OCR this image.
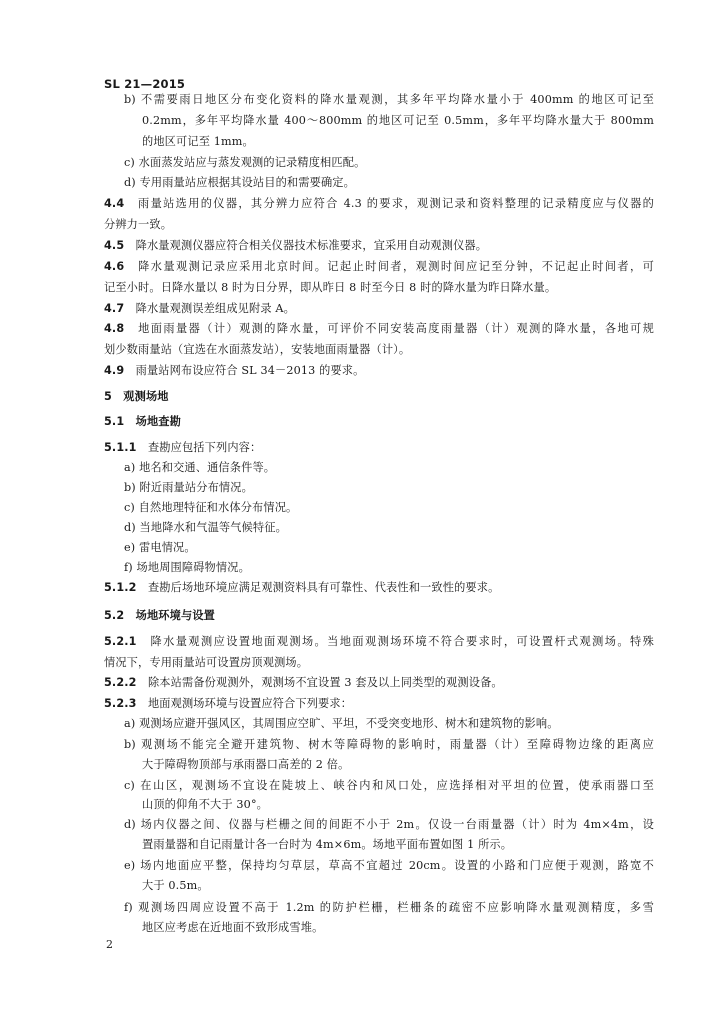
SL 21—2015
b) 不需要雨日地区分布变化资料的降水量观测，其多年平均降水量小于 400mm 的地区可记至
0.2mm，多年平均降水量 400～800mm 的地区可记至 0.5mm，多年平均降水量大于 800mm
的地区可记至 1mm。
c) 水面蒸发站应与蒸发观测的记录精度相匹配。
d) 专用雨量站应根据其设站目的和需要确定。
4.4　 雨量站选用的仪器，其分辨力应符合 4.3 的要求，观测记录和资料整理的记录精度应与仪器的
分辨力一致。
4.5　 降水量观测仪器应符合相关仪器技术标准要求，宜采用自动观测仪器。
4.6　 降水量观测记录应采用北京时间。记起止时间者，观测时间应记至分钟，不记起止时间者，可
记至小时。日降水量以 8 时为日分界，即从昨日 8 时至今日 8 时的降水量为昨日降水量。
4.7　 降水量观测误差组成见附录 A。
4.8　 地面雨量器（计）观测的降水量，可评价不同安装高度雨量器（计）观测的降水量，各地可规
划少数雨量站（宜选在水面蒸发站），安装地面雨量器（计）。
4.9　 雨量站网布设应符合 SL 34－2013 的要求。
5　 观测场地
5.1　 场地查勘
5.1.1　 查勘应包括下列内容：
a) 地名和交通、通信条件等。
b) 附近雨量站分布情况。
c) 自然地理特征和水体分布情况。
d) 当地降水和气温等气候特征。
e) 雷电情况。
f) 场地周围障碍物情况。
5.1.2　 查勘后场地环境应满足观测资料具有可靠性、代表性和一致性的要求。
5.2　 场地环境与设置
5.2.1　 降水量观测应设置地面观测场。当地面观测场环境不符合要求时，可设置杆式观测场。特殊
情况下，专用雨量站可设置房顶观测场。
5.2.2　 除本站需备份观测外，观测场不宜设置 3 套及以上同类型的观测设备。
5.2.3　 地面观测场环境与设置应符合下列要求：
a) 观测场应避开强风区，其周围应空旷、平坦，不受突变地形、树木和建筑物的影响。
b) 观测场不能完全避开建筑物、树木等障碍物的影响时，雨量器（计）至障碍物边缘的距离应
大于障碍物顶部与承雨器口高差的 2 倍。
c) 在山区，观测场不宜设在陡坡上、峡谷内和风口处，应选择相对平坦的位置，使承雨器口至
山顶的仰角不大于 30°。
d) 场内仪器之间、仪器与栏栅之间的间距不小于 2m。仅设一台雨量器（计）时为 4m×4m，设
置雨量器和自记雨量计各一台时为 4m×6m。场地平面布置如图 1 所示。
e) 场内地面应平整，保持均匀草层，草高不宜超过 20cm。设置的小路和门应便于观测，路宽不
大于 0.5m。
2
f) 观测场四周应设置不高于 1.2m 的防护栏栅，栏栅条的疏密不应影响降水量观测精度，多雪
地区应考虑在近地面不致形成雪堆。
